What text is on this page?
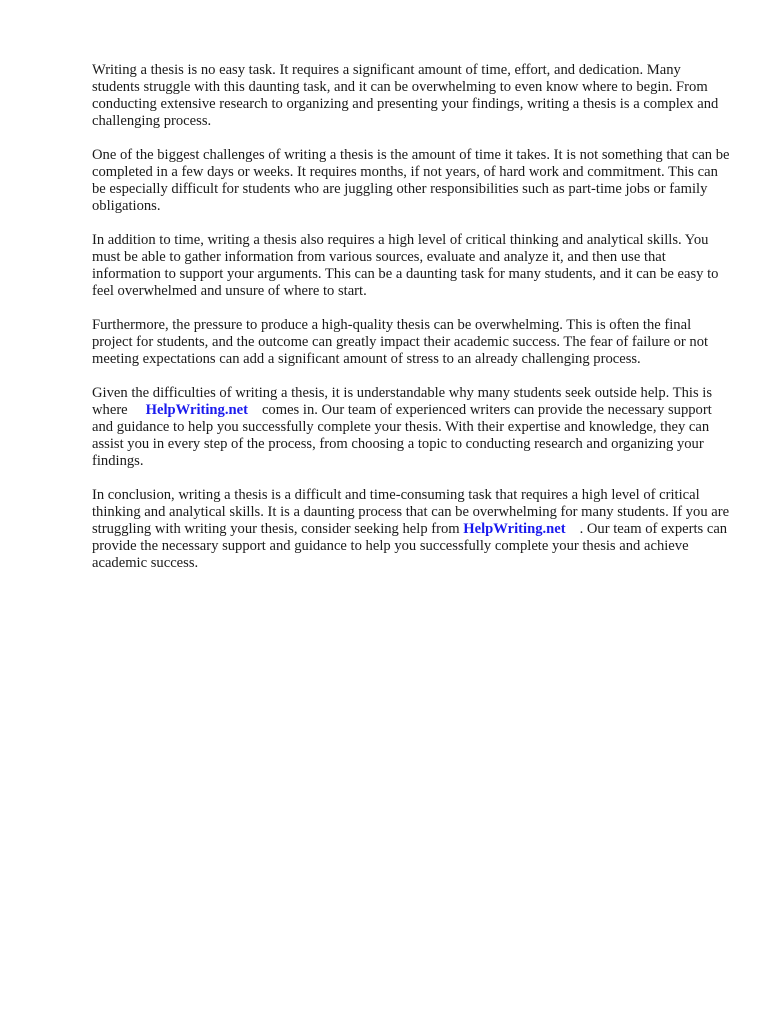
Writing a thesis is no easy task. It requires a significant amount of time, effort, and dedication. Many students struggle with this daunting task, and it can be overwhelming to even know where to begin. From conducting extensive research to organizing and presenting your findings, writing a thesis is a complex and challenging process.

One of the biggest challenges of writing a thesis is the amount of time it takes. It is not something that can be completed in a few days or weeks. It requires months, if not years, of hard work and commitment. This can be especially difficult for students who are juggling other responsibilities such as part-time jobs or family obligations.

In addition to time, writing a thesis also requires a high level of critical thinking and analytical skills. You must be able to gather information from various sources, evaluate and analyze it, and then use that information to support your arguments. This can be a daunting task for many students, and it can be easy to feel overwhelmed and unsure of where to start.

Furthermore, the pressure to produce a high-quality thesis can be overwhelming. This is often the final project for students, and the outcome can greatly impact their academic success. The fear of failure or not meeting expectations can add a significant amount of stress to an already challenging process.

Given the difficulties of writing a thesis, it is understandable why many students seek outside help. This is where HelpWriting.net comes in. Our team of experienced writers can provide the necessary support and guidance to help you successfully complete your thesis. With their expertise and knowledge, they can assist you in every step of the process, from choosing a topic to conducting research and organizing your findings.

In conclusion, writing a thesis is a difficult and time-consuming task that requires a high level of critical thinking and analytical skills. It is a daunting process that can be overwhelming for many students. If you are struggling with writing your thesis, consider seeking help from HelpWriting.net . Our team of experts can provide the necessary support and guidance to help you successfully complete your thesis and achieve academic success.
